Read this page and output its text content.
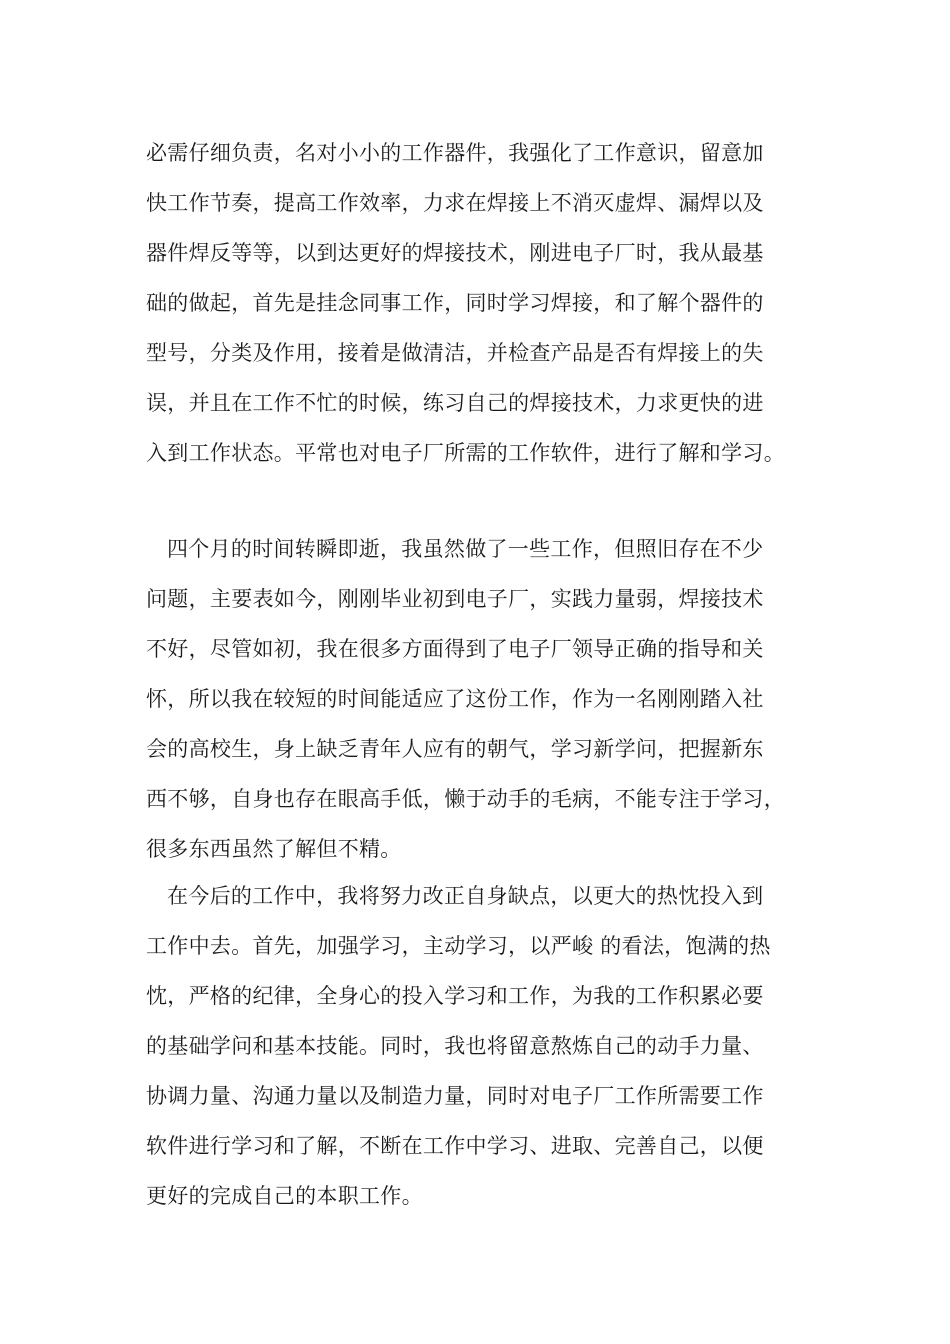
必需仔细负责，名对小小的工作器件，我强化了工作意识，留意加
快工作节奏，提高工作效率，力求在焊接上不消灭虚焊、漏焊以及
器件焊反等等，以到达更好的焊接技术，刚进电子厂时，我从最基
础的做起，首先是挂念同事工作，同时学习焊接，和了解个器件的
型号，分类及作用，接着是做清洁，并检查产品是否有焊接上的失
误，并且在工作不忙的时候，练习自己的焊接技术，力求更快的进
入到工作状态。平常也对电子厂所需的工作软件，进行了解和学习。
四个月的时间转瞬即逝，我虽然做了一些工作，但照旧存在不少
问题，主要表如今，刚刚毕业初到电子厂，实践力量弱，焊接技术
不好，尽管如初，我在很多方面得到了电子厂领导正确的指导和关
怀，所以我在较短的时间能适应了这份工作，作为一名刚刚踏入社
会的高校生，身上缺乏青年人应有的朝气，学习新学问，把握新东
西不够，自身也存在眼高手低，懒于动手的毛病，不能专注于学习，
很多东西虽然了解但不精。
在今后的工作中，我将努力改正自身缺点，以更大的热忱投入到
工作中去。首先，加强学习，主动学习，以严峻 的看法，饱满的热
忱，严格的纪律，全身心的投入学习和工作，为我的工作积累必要
的基础学问和基本技能。同时，我也将留意熬炼自己的动手力量、
协调力量、沟通力量以及制造力量，同时对电子厂工作所需要工作
软件进行学习和了解，不断在工作中学习、进取、完善自己，以便
更好的完成自己的本职工作。
